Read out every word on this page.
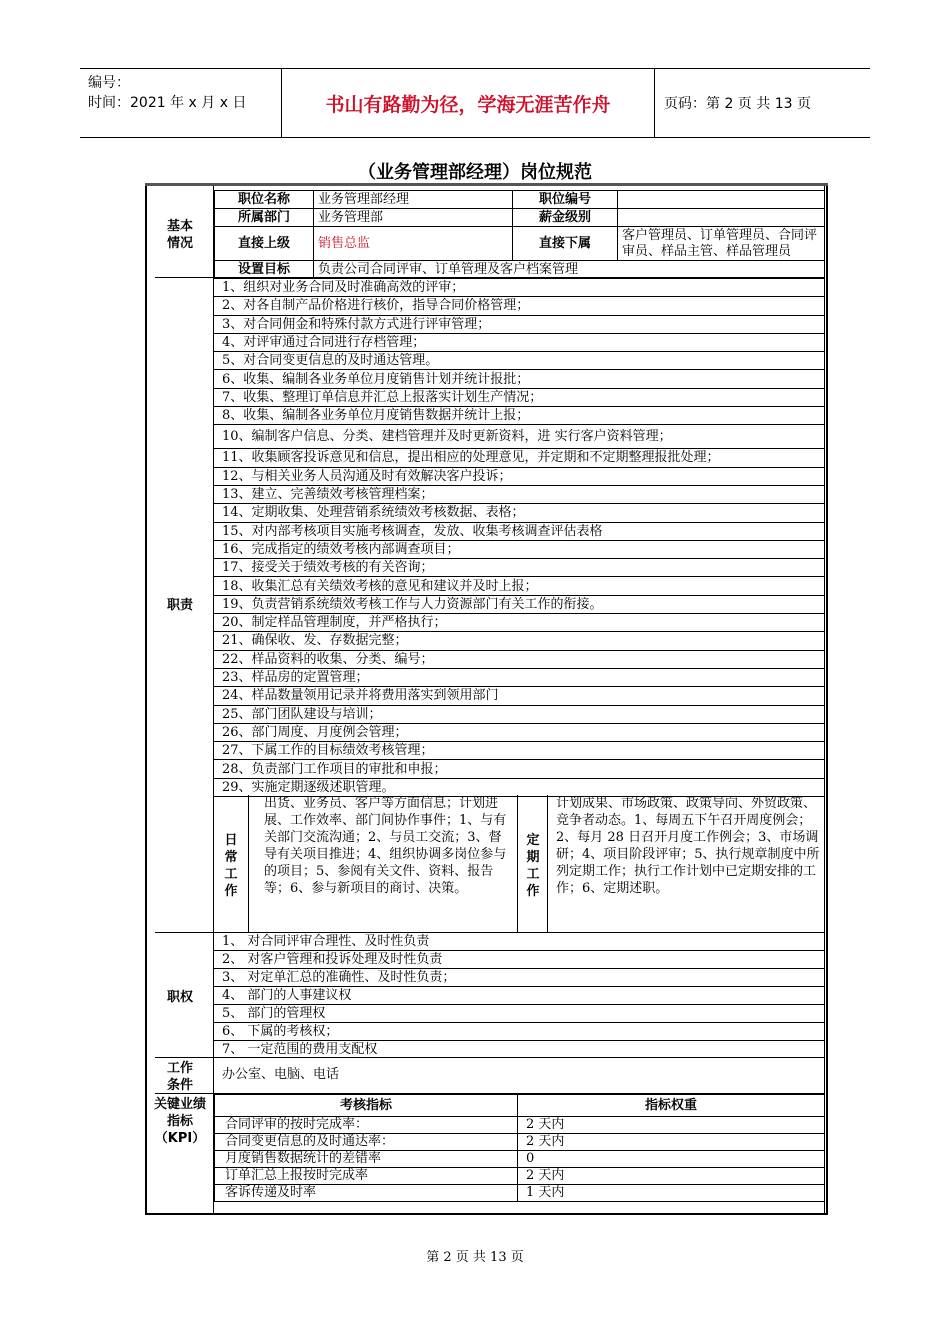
编号：
时间：2021 年 x 月 x 日	书山有路勤为径，学海无涯苦作舟	页码：第 2 页 共 13 页
（业务管理部经理）岗位规范
基本情况
职位名称	业务管理部经理	职位编号	
所属部门	业务管理部	薪金级别	
直接上级	销售总监	直接下属	客户管理员、订单管理员、合同评审员、样品主管、样品管理员
设置目标	负责公司合同评审、订单管理及客户档案管理		
职责
1、组织对业务合同及时准确高效的评审；
2、对各自制产品价格进行核价，指导合同价格管理；
3、对合同佣金和特殊付款方式进行评审管理；
4、对评审通过合同进行存档管理；
5、对合同变更信息的及时通达管理。
6、收集、编制各业务单位月度销售计划并统计报批；
7、收集、整理订单信息并汇总上报落实计划生产情况；
8、收集、编制各业务单位月度销售数据并统计上报；
10、编制客户信息、分类、建档管理并及时更新资料，进 实行客户资料管理；
11、收集顾客投诉意见和信息，提出相应的处理意见，并定期和不定期整理报批处理；
12、与相关业务人员沟通及时有效解决客户投诉；
13、建立、完善绩效考核管理档案；
14、定期收集、处理营销系统绩效考核数据、表格；
15、对内部考核项目实施考核调查，发放、收集考核调查评估表格
16、完成指定的绩效考核内部调查项目；
17、接受关于绩效考核的有关咨询；
18、收集汇总有关绩效考核的意见和建议并及时上报；
19、负责营销系统绩效考核工作与人力资源部门有关工作的衔接。
20、制定样品管理制度，并严格执行；
21、确保收、发、存数据完整；
22、样品资料的收集、分类、编号；
23、样品房的定置管理；
24、样品数量领用记录并将费用落实到领用部门
25、部门团队建设与培训；
26、部门周度、月度例会管理；
27、下属工作的目标绩效考核管理；
28、负责部门工作项目的审批和申报；
29、实施定期逐级述职管理。
日常工作
出货、业务员、客户等方面信息；计划进展、工作效率、部门间协作事件；1、与有关部门交流沟通；2、与员工交流；3、督导有关项目推进；4、组织协调多岗位参与的项目；5、参阅有关文件、资料、报告等；6、参与新项目的商讨、决策。
定期工作
计划成果、市场政策、政策导向、外贸政策、竞争者动态。1、每周五下午召开周度例会；2、每月 28 日召开月度工作例会；3、市场调研；4、项目阶段评审；5、执行规章制度中所列定期工作；执行工作计划中已定期安排的工作；6、定期述职。
职权
1、 对合同评审合理性、及时性负责
2、 对客户管理和投诉处理及时性负责
3、 对定单汇总的准确性、及时性负责；
4、 部门的人事建议权
5、 部门的管理权
6、 下属的考核权；
7、 一定范围的费用支配权
工作条件
办公室、电脑、电话
关键业绩指标（KPI）
考核指标	指标权重
合同评审的按时完成率：	2 天内
合同变更信息的及时通达率：	2 天内
月度销售数据统计的差错率	0
订单汇总上报按时完成率	2 天内
客诉传递及时率	1 天内
第 2 页 共 13 页
